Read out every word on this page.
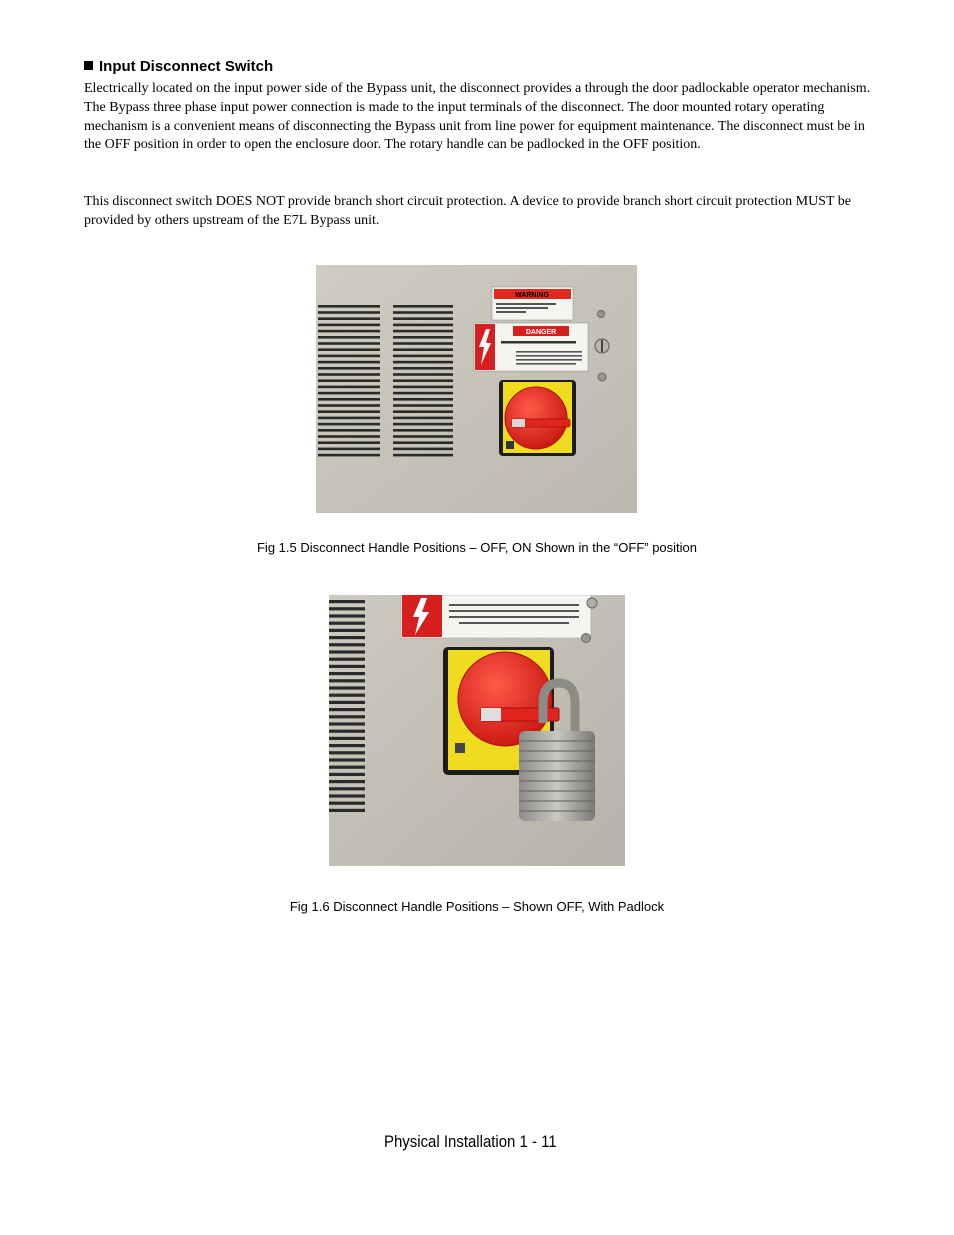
Input Disconnect Switch

Electrically located on the input power side of the Bypass unit, the disconnect provides a through the door padlockable operator mechanism. The Bypass three phase input power connection is made to the input terminals of the disconnect. The door mounted rotary operating mechanism is a convenient means of disconnecting the Bypass unit from line power for equipment maintenance. The disconnect must be in the OFF position in order to open the enclosure door. The rotary handle can be padlocked in the OFF position.

This disconnect switch DOES NOT provide branch short circuit protection. A device to provide branch short circuit protection MUST be provided by others upstream of the E7L Bypass unit.

WARNING
DANGER
Fig 1.5 Disconnect Handle Positions – OFF, ON Shown in the “OFF” position
Fig 1.6 Disconnect Handle Positions – Shown OFF, With Padlock
Physical Installation 1 - 11
